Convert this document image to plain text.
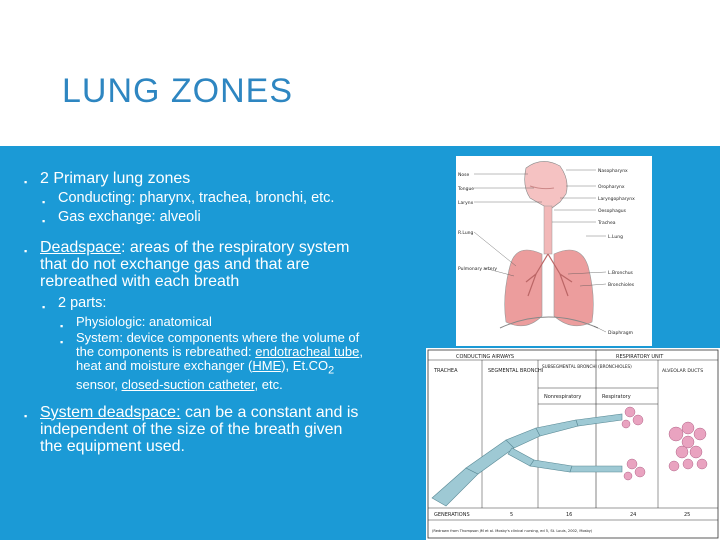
LUNG ZONES
▪ 2 Primary lung zones
▪ Conducting: pharynx, trachea, bronchi, etc.
▪ Gas exchange: alveoli
▪ Deadspace: areas of the respiratory system that do not exchange gas and that are rebreathed with each breath
▪ 2 parts:
▪ Physiologic: anatomical
▪ System: device components where the volume of the components is rebreathed: endotracheal tube, heat and moisture exchanger (HME), $Et.CO_2$ sensor, closed-suction catheter, etc.
▪ System deadspace: can be a constant and is independent of the size of the breath given the equipment used.
Nose
Tongue
Larynx
R.Lung
Pulmonary artery
Nasopharynx
Oropharynx
Laryngopharynx
Oesophagus
Trachea
L.Lung
L.Bronchus
Bronchioles
Diaphragm
CONDUCTING AIRWAYS	RESPIRATORY UNIT
TRACHEA	SEGMENTAL BRONCHI
SUBSEGMENTAL BRONCHI (BRONCHIOLES)
ALVEOLAR DUCTS
Nonrespiratory	Respiratory
GENERATIONS	5	16	24	25
(Redrawn from Thompson JM et al. Mosby's clinical nursing, ed 5, St. Louis, 2002, Mosby)
